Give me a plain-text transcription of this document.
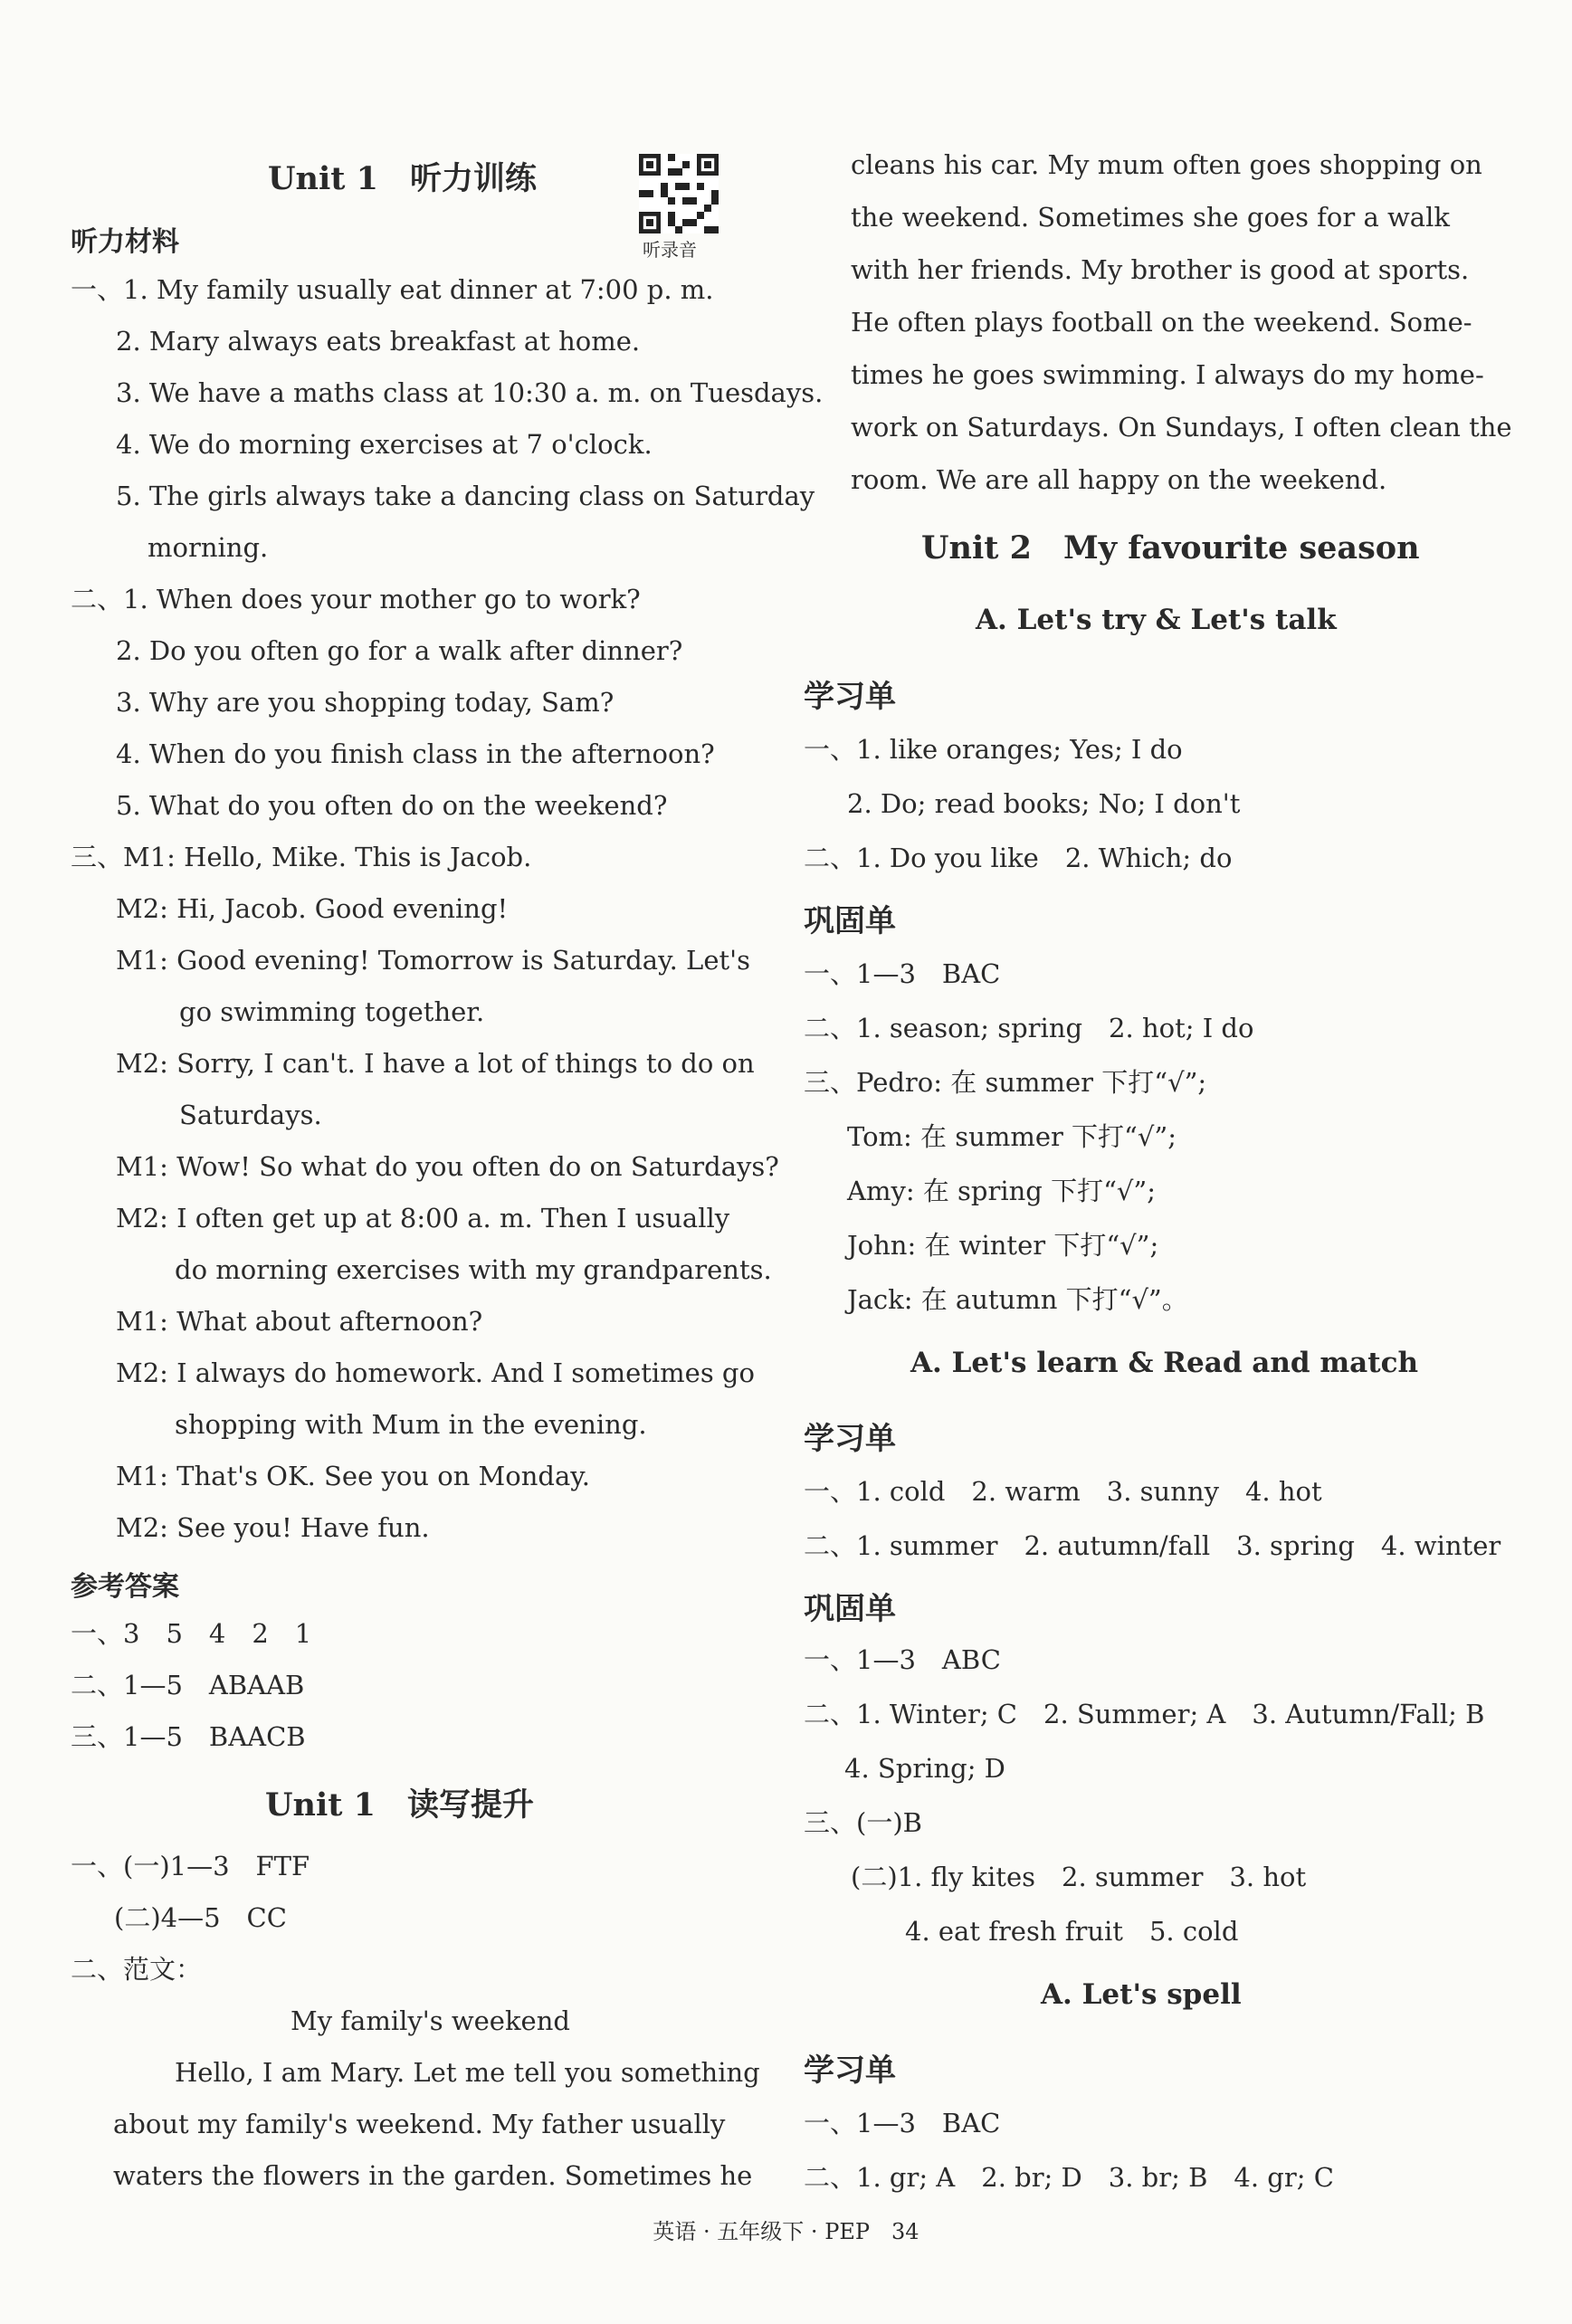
Unit 1　听力训练
听录音
听力材料
一、1. My family usually eat dinner at 7:00 p. m.
2. Mary always eats breakfast at home.
3. We have a maths class at 10:30 a. m. on Tuesdays.
4. We do morning exercises at 7 o'clock.
5. The girls always take a dancing class on Saturday
morning.
二、1. When does your mother go to work?
2. Do you often go for a walk after dinner?
3. Why are you shopping today, Sam?
4. When do you finish class in the afternoon?
5. What do you often do on the weekend?
三、M1: Hello, Mike. This is Jacob.
M2: Hi, Jacob. Good evening!
M1: Good evening! Tomorrow is Saturday. Let's
go swimming together.
M2: Sorry, I can't. I have a lot of things to do on
Saturdays.
M1: Wow! So what do you often do on Saturdays?
M2: I often get up at 8:00 a. m. Then I usually
do morning exercises with my grandparents.
M1: What about afternoon?
M2: I always do homework. And I sometimes go
shopping with Mum in the evening.
M1: That's OK. See you on Monday.
M2: See you! Have fun.
参考答案
一、3　5　4　2　1
二、1—5　ABAAB
三、1—5　BAACB
Unit 1　读写提升
一、(一)1—3　FTF
(二)4—5　CC
二、范文：
My family's weekend
Hello, I am Mary. Let me tell you something
about my family's weekend. My father usually
waters the flowers in the garden. Sometimes he
cleans his car. My mum often goes shopping on
the weekend. Sometimes she goes for a walk
with her friends. My brother is good at sports.
He often plays football on the weekend. Some-
times he goes swimming. I always do my home-
work on Saturdays. On Sundays, I often clean the
room. We are all happy on the weekend.
Unit 2　My favourite season
A. Let's try & Let's talk
学习单
一、1. like oranges; Yes; I do
2. Do; read books; No; I don't
二、1. Do you like　2. Which; do
巩固单
一、1—3　BAC
二、1. season; spring　2. hot; I do
三、Pedro: 在 summer 下打“√”;
Tom: 在 summer 下打“√”;
Amy: 在 spring 下打“√”;
John: 在 winter 下打“√”;
Jack: 在 autumn 下打“√”。
A. Let's learn & Read and match
学习单
一、1. cold　2. warm　3. sunny　4. hot
二、1. summer　2. autumn/fall　3. spring　4. winter
巩固单
一、1—3　ABC
二、1. Winter; C　2. Summer; A　3. Autumn/Fall; B
4. Spring; D
三、(一)B
(二)1. fly kites　2. summer　3. hot
4. eat fresh fruit　5. cold
A. Let's spell
学习单
一、1—3　BAC
二、1. gr; A　2. br; D　3. br; B　4. gr; C
英语 · 五年级下 · PEP　34
